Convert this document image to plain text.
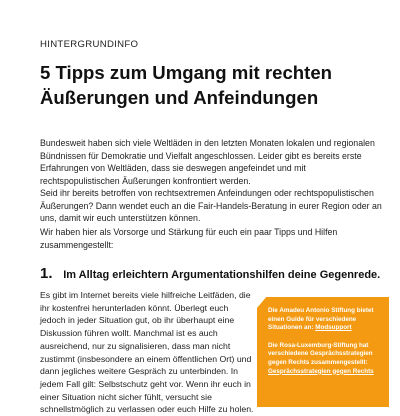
HINTERGRUNDINFO
5 Tipps zum Umgang mit rechten
Äußerungen und Anfeindungen

Bundesweit haben sich viele Weltläden in den letzten Monaten lokalen und regionalen
Bündnissen für Demokratie und Vielfalt angeschlossen. Leider gibt es bereits erste
Erfahrungen von Weltläden, dass sie deswegen angefeindet und mit
rechtspopulistischen Äußerungen konfrontiert werden.

Seid ihr bereits betroffen von rechtsextremen Anfeindungen oder rechtspopulistischen
Äußerungen? Dann wendet euch an die Fair-Handels-Beratung in eurer Region oder an
uns, damit wir euch unterstützen können.

Wir haben hier als Vorsorge und Stärkung für euch ein paar Tipps und Hilfen
zusammengestellt:

1. Im Alltag erleichtern Argumentationshilfen deine Gegenrede.

Es gibt im Internet bereits viele hilfreiche Leitfäden, die
ihr kostenfrei herunterladen könnt. Überlegt euch
jedoch in jeder Situation gut, ob ihr überhaupt eine
Diskussion führen wollt. Manchmal ist es auch
ausreichend, nur zu signalisieren, dass man nicht
zustimmt (insbesondere an einem öffentlichen Ort) und
dann jegliches weitere Gespräch zu unterbinden. In
jedem Fall gilt: Selbstschutz geht vor. Wenn ihr euch in
einer Situation nicht sicher fühlt, versucht sie
schnellstmöglich zu verlassen oder euch Hilfe zu holen.

Die Amadeu Antonio Stiftung bietet
einen Guide für verschiedene
Situationen an: Modsupport
Die Rosa-Luxemburg-Stiftung hat
verschiedene Gesprächsstrategien
gegen Rechts zusammengestellt:
Gesprächsstrategien gegen Rechts
